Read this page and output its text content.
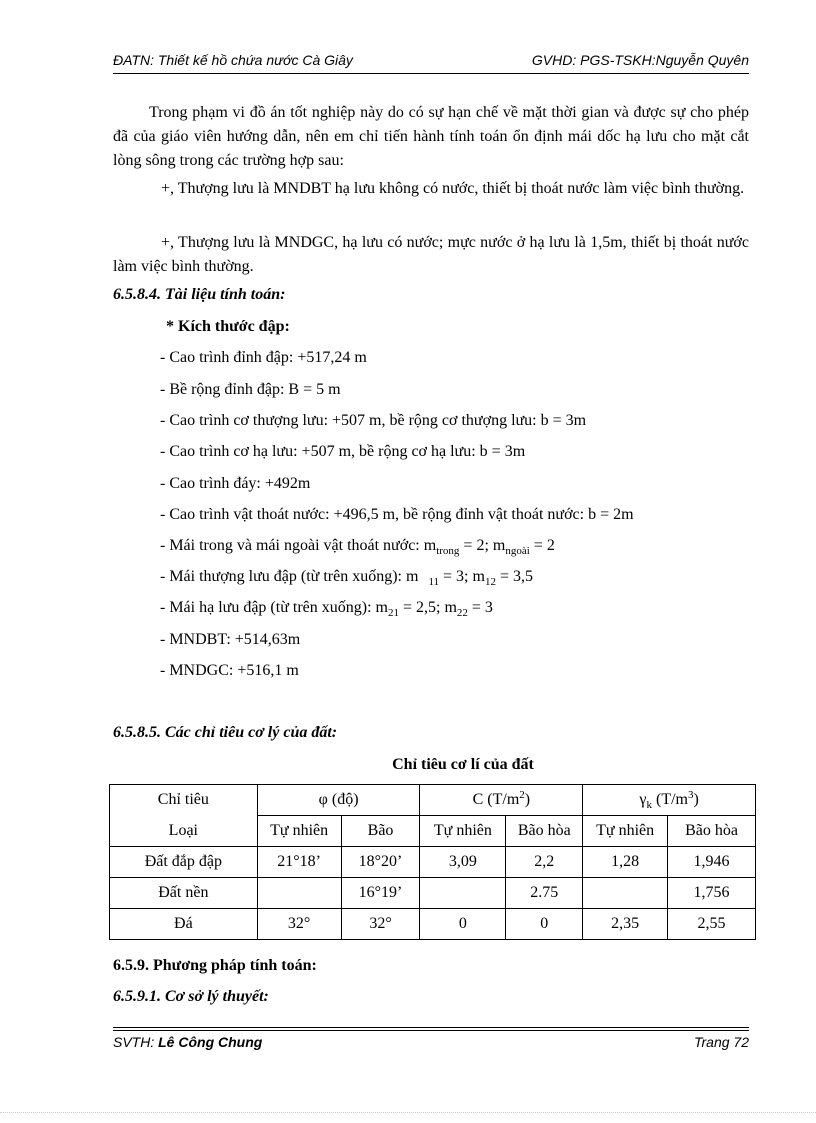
ĐATN: Thiết kế hồ chứa nước Cà Giây	GVHD: PGS-TSKH:Nguyễn Quyên
Trong phạm vi đồ án tốt nghiệp này do có sự hạn chế về mặt thời gian và được sự cho phép đã của giáo viên hướng dẫn, nên em chỉ tiến hành tính toán ổn định mái dốc hạ lưu cho mặt cắt lòng sông trong các trường hợp sau:
+, Thượng lưu là MNDBT hạ lưu không có nước, thiết bị thoát nước làm việc bình thường.
+, Thượng lưu là MNDGC, hạ lưu có nước; mực nước ở hạ lưu là 1,5m, thiết bị thoát nước làm việc bình thường.
6.5.8.4. Tài liệu tính toán:
* Kích thước đập:
- Cao trình đỉnh đập: +517,24 m
- Bề rộng đỉnh đập: B = 5 m
- Cao trình cơ thượng lưu: +507 m, bề rộng cơ thượng lưu: b = 3m
- Cao trình cơ hạ lưu: +507 m, bề rộng cơ hạ lưu: b = 3m
- Cao trình đáy: +492m
- Cao trình vật thoát nước: +496,5 m, bề rộng đỉnh vật thoát nước: b = 2m
- Mái trong và mái ngoài vật thoát nước: $m_{trong} = 2$; $m_{ngoài} = 2$
- Mái thượng lưu đập (từ trên xuống): m $_{11}$ = 3; $m_{12} = 3,5$
- Mái hạ lưu đập (từ trên xuống): $m_{21} = 2,5$; $m_{22} = 3$
- MNDBT: +514,63m
- MNDGC: +516,1 m
6.5.8.5. Các chỉ tiêu cơ lý của đất:
Chỉ tiêu cơ lí của đất
Chỉ tiêu	φ (độ)		C $(T/m^2)$		$\gamma_k$ $(T/m^3)$	
Loại	Tự nhiên	Bão	Tự nhiên	Bão hòa	Tự nhiên	Bão hòa
Đất đắp đập	21°18’	18°20’	3,09	2,2	1,28	1,946
Đất nền		16°19’		2.75		1,756
Đá	32°	32°	0	0	2,35	2,55
6.5.9. Phương pháp tính toán:
6.5.9.1. Cơ sở lý thuyết:
SVTH: Lê Công Chung	Trang 72
